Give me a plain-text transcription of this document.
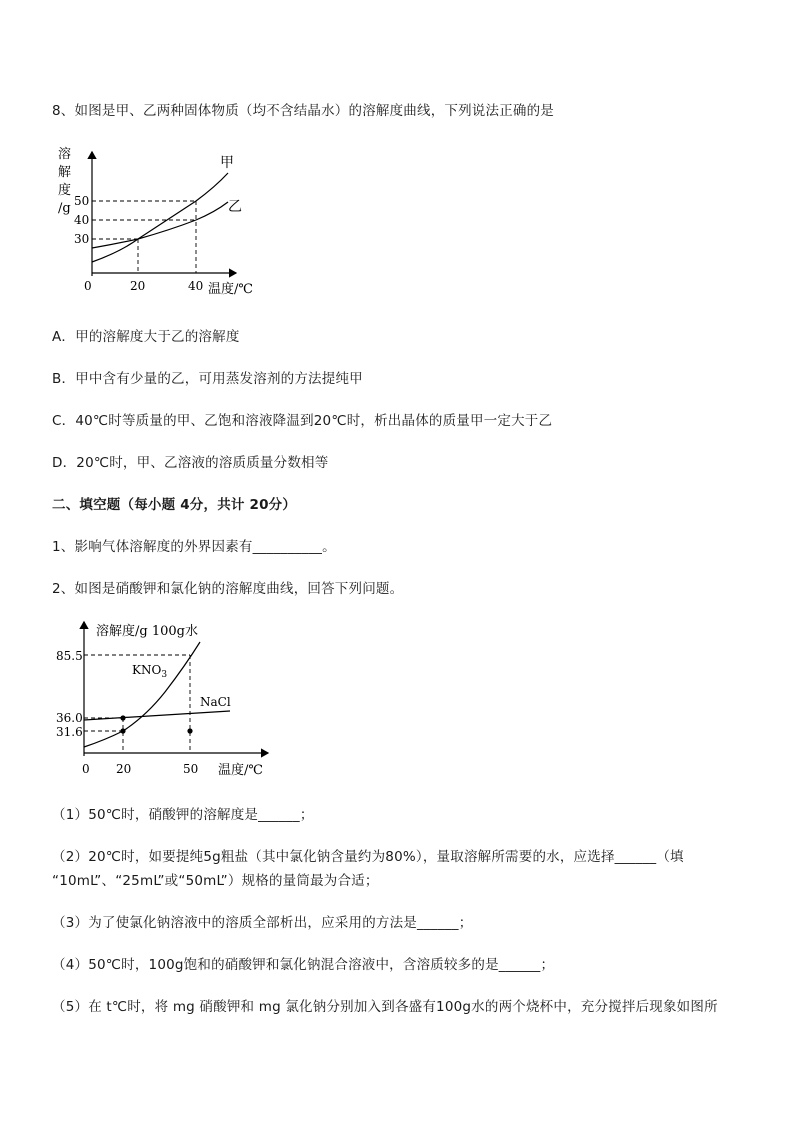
8、如图是甲、乙两种固体物质（均不含结晶水）的溶解度曲线，下列说法正确的是
溶
解
度
/g 50
40
30
甲
乙
0	20	40 温度/℃
A．甲的溶解度大于乙的溶解度
B．甲中含有少量的乙，可用蒸发溶剂的方法提纯甲
C．40℃时等质量的甲、乙饱和溶液降温到20℃时，析出晶体的质量甲一定大于乙
D．20℃时，甲、乙溶液的溶质质量分数相等
二、填空题（每小题 4分，共计 20分）
1、影响气体溶解度的外界因素有__________。
2、如图是硝酸钾和氯化钠的溶解度曲线，回答下列问题。
溶解度/g 100g水
85.5
36.0
31.6
$KNO_3$
NaCl
0 20	50 温度/℃
（1）50℃时，硝酸钾的溶解度是______；
（2）20℃时，如要提纯5g粗盐（其中氯化钠含量约为80%），量取溶解所需要的水，应选择______（填
“10mL”、“25mL”或“50mL”）规格的量筒最为合适；
（3）为了使氯化钠溶液中的溶质全部析出，应采用的方法是______；
（4）50℃时，100g饱和的硝酸钾和氯化钠混合溶液中，含溶质较多的是______；
（5）在 t℃时，将 mg 硝酸钾和 mg 氯化钠分别加入到各盛有100g水的两个烧杯中，充分搅拌后现象如图所
